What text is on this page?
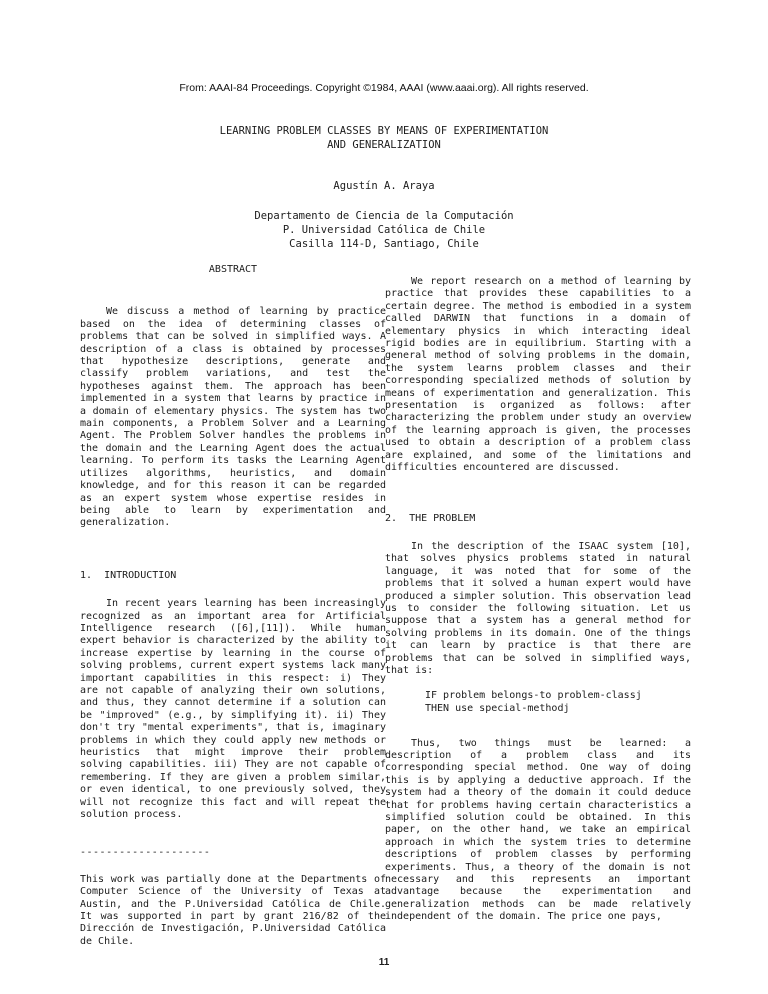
From: AAAI-84 Proceedings. Copyright ©1984, AAAI (www.aaai.org). All rights reserved.
LEARNING PROBLEM CLASSES BY MEANS OF EXPERIMENTATION
AND GENERALIZATION
Agustín A. Araya
Departamento de Ciencia de la Computación
P. Universidad Católica de Chile
Casilla 114-D, Santiago, Chile

ABSTRACT

We discuss a method of learning by practice based on the idea of determining classes of problems that can be solved in simplified ways. A description of a class is obtained by processes that hypothesize descriptions, generate and classify problem variations, and test the hypotheses against them. The approach has been implemented in a system that learns by practice in a domain of elementary physics. The system has two main components, a Problem Solver and a Learning Agent. The Problem Solver handles the problems in the domain and the Learning Agent does the actual learning. To perform its tasks the Learning Agent utilizes algorithms, heuristics, and domain knowledge, and for this reason it can be regarded as an expert system whose expertise resides in being able to learn by experimentation and generalization.

1.  INTRODUCTION

In recent years learning has been increasingly recognized as an important area for Artificial Intelligence research ([6],[11]). While human expert behavior is characterized by the ability to increase expertise by learning in the course of solving problems, current expert systems lack many important capabilities in this respect: i) They are not capable of analyzing their own solutions, and thus, they cannot determine if a solution can be "improved" (e.g., by simplifying it). ii) They don't try "mental experiments", that is, imaginary problems in which they could apply new methods or heuristics that might improve their problem solving capabilities. iii) They are not capable of remembering. If they are given a problem similar, or even identical, to one previously solved, they will not recognize this fact and will repeat the solution process.

--------------------

This work was partially done at the Departments of Computer Science of the University of Texas at Austin, and the P.Universidad Católica de Chile. It was supported in part by grant 216/82 of the Dirección de Investigación, P.Universidad Católica de Chile.

We report research on a method of learning by practice that provides these capabilities to a certain degree. The method is embodied in a system called DARWIN that functions in a domain of elementary physics in which interacting ideal rigid bodies are in equilibrium. Starting with a general method of solving problems in the domain, the system learns problem classes and their corresponding specialized methods of solution by means of experimentation and generalization. This presentation is organized as follows: after characterizing the problem under study an overview of the learning approach is given, the processes used to obtain a description of a problem class are explained, and some of the limitations and difficulties encountered are discussed.

2.  THE PROBLEM

In the description of the ISAAC system [10], that solves physics problems stated in natural language, it was noted that for some of the problems that it solved a human expert would have produced a simpler solution. This observation lead us to consider the following situation. Let us suppose that a system has a general method for solving problems in its domain. One of the things it can learn by practice is that there are problems that can be solved in simplified ways, that is:

IF problem belongs-to problem-classj

THEN use special-methodj

Thus, two things must be learned: a description of a problem class and its corresponding special method. One way of doing this is by applying a deductive approach. If the system had a theory of the domain it could deduce that for problems having certain characteristics a simplified solution could be obtained. In this paper, on the other hand, we take an empirical approach in which the system tries to determine descriptions of problem classes by performing experiments. Thus, a theory of the domain is not necessary and this represents an important advantage because the experimentation and generalization methods can be made relatively independent of the domain. The price one pays,

11
